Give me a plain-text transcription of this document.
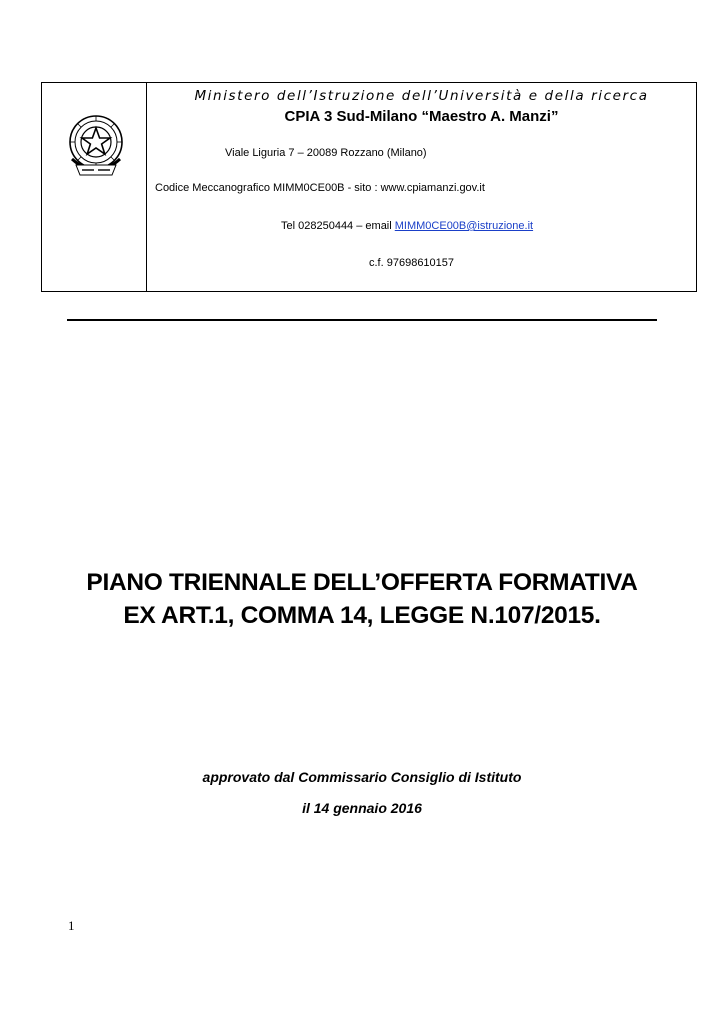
Ministero dell’Istruzione dell’Università e della ricerca
CPIA 3 Sud-Milano “Maestro A. Manzi”
Viale Liguria 7 – 20089 Rozzano (Milano)
Codice Meccanografico MIMM0CE00B - sito : www.cpiamanzi.gov.it
Tel 028250444 – email MIMM0CE00B@istruzione.it
c.f. 97698610157
PIANO TRIENNALE DELL’OFFERTA FORMATIVA
EX ART.1, COMMA 14, LEGGE N.107/2015.
approvato dal Commissario Consiglio di Istituto
il 14 gennaio 2016
1
